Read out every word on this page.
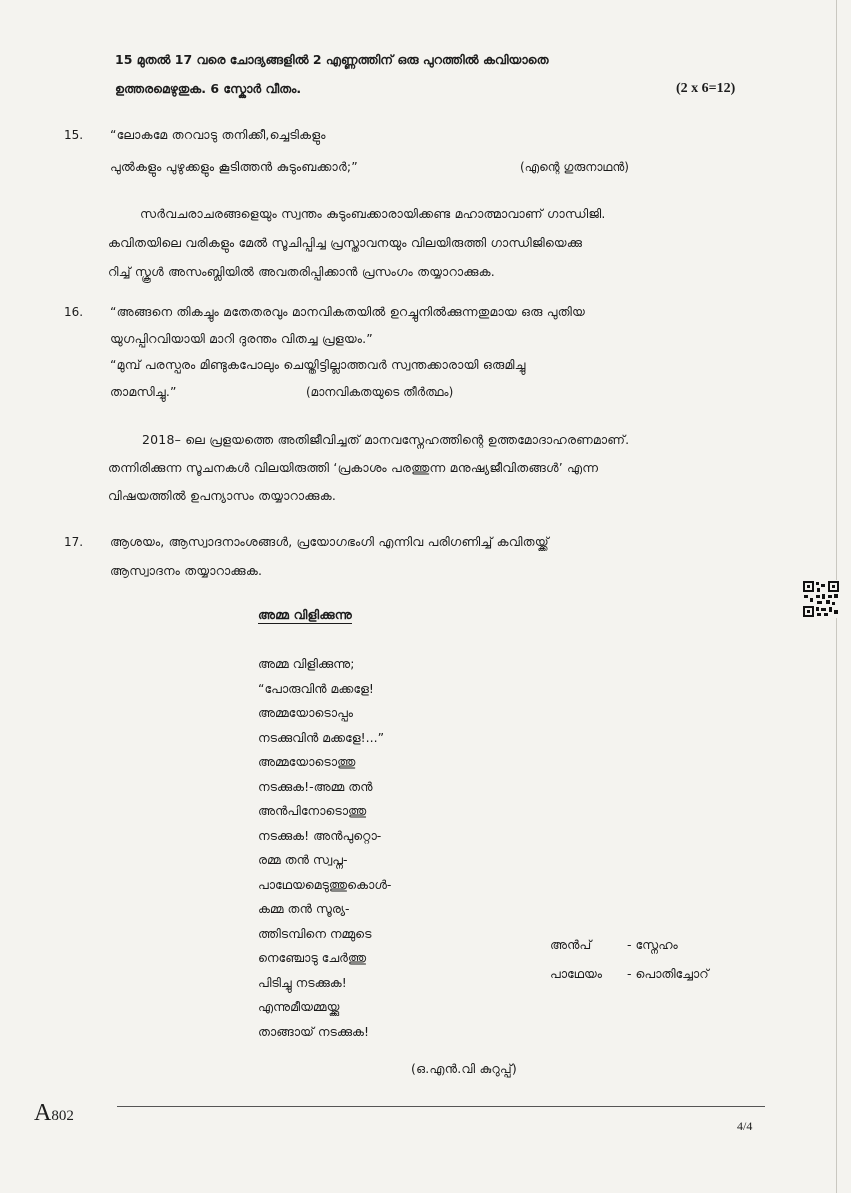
15 മുതൽ 17 വരെ ചോദ്യങ്ങളിൽ 2 എണ്ണത്തിന് ഒരു പുറത്തിൽ കവിയാതെ
ഉത്തരമെഴുതുക. 6 സ്കോർ വീതം.	(2 x 6=12)
15. “ലോകമേ തറവാടു തനിക്കീ,ച്ചെടികളും
പുൽകളും പുഴുക്കളും കൂടിത്തൻ കുടുംബക്കാർ;”	(എന്റെ ഗുരുനാഥൻ)
സർവചരാചരങ്ങളെയും സ്വന്തം കുടുംബക്കാരായിക്കണ്ട മഹാത്മാവാണ് ഗാന്ധിജി.
കവിതയിലെ വരികളും മേൽ സൂചിപ്പിച്ച പ്രസ്താവനയും വിലയിരുത്തി ഗാന്ധിജിയെക്കു
റിച്ച് സ്കൂൾ അസംബ്ലിയിൽ അവതരിപ്പിക്കാൻ പ്രസംഗം തയ്യാറാക്കുക.
16. “അങ്ങനെ തികച്ചും മതേതരവും മാനവികതയിൽ ഉറച്ചുനിൽക്കുന്നതുമായ ഒരു പുതിയ
യുഗപ്പിറവിയായി മാറി ദുരന്തം വിതച്ച പ്രളയം.”
“മുമ്പ് പരസ്പരം മിണ്ടുകപോലും ചെയ്തിട്ടില്ലാത്തവർ സ്വന്തക്കാരായി ഒരുമിച്ചു
താമസിച്ചു.”	(മാനവികതയുടെ തീർത്ഥം)
2018– ലെ പ്രളയത്തെ അതിജീവിച്ചത് മാനവസ്നേഹത്തിന്റെ ഉത്തമോദാഹരണമാണ്.
തന്നിരിക്കുന്ന സൂചനകൾ വിലയിരുത്തി ‘പ്രകാശം പരത്തുന്ന മനുഷ്യജീവിതങ്ങൾ’ എന്ന
വിഷയത്തിൽ ഉപന്യാസം തയ്യാറാക്കുക.
17. ആശയം, ആസ്വാദനാംശങ്ങൾ, പ്രയോഗഭംഗി എന്നിവ പരിഗണിച്ച് കവിതയ്ക്ക്
ആസ്വാദനം തയ്യാറാക്കുക.
അമ്മ വിളിക്കുന്നു
അമ്മ വിളിക്കുന്നു;
“പോരുവിൻ മക്കളേ!
അമ്മയോടൊപ്പം
നടക്കുവിൻ മക്കളേ!...”
അമ്മയോടൊത്തു
നടക്കുക!-അമ്മ തൻ
അൻപിനോടൊത്തു
നടക്കുക! അൻപുറ്റൊ-
രമ്മ തൻ സ്വപ്ന-
പാഥേയമെടുത്തുകൊൾ-
കമ്മ തൻ സൂര്യ-
ത്തിടമ്പിനെ നമ്മുടെ
നെഞ്ചോടു ചേർത്തു
പിടിച്ചു നടക്കുക!
എന്നുമീയമ്മയ്ക്കു
താങ്ങായ് നടക്കുക!
(ഒ.എൻ.വി കുറുപ്പ്)
അൻപ്	- സ്നേഹം
പാഥേയം - പൊതിച്ചോറ്
A802
4/4
